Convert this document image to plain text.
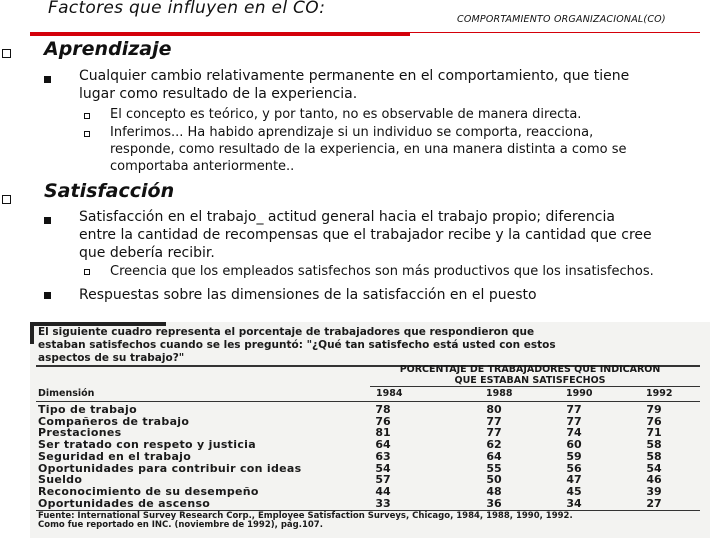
Factores que influyen en el CO:
COMPORTAMIENTO ORGANIZACIONAL(CO)
Aprendizaje
Cualquier cambio relativamente permanente en el comportamiento, que tiene
lugar como resultado de la experiencia.
El concepto es teórico, y por tanto, no es observable de manera directa.
Inferimos... Ha habido aprendizaje si un individuo se comporta, reacciona,
responde, como resultado de la experiencia, en una manera distinta a como se
comportaba anteriormente..
Satisfacción
Satisfacción en el trabajo_ actitud general hacia el trabajo propio; diferencia
entre la cantidad de recompensas que el trabajador recibe y la cantidad que cree
que debería recibir.
Creencia que los empleados satisfechos son más productivos que los insatisfechos.
Respuestas sobre las dimensiones de la satisfacción en el puesto
El siguiente cuadro representa el porcentaje de trabajadores que respondieron que
estaban satisfechos cuando se les preguntó: "¿Qué tan satisfecho está usted con estos
aspectos de su trabajo?"
PORCENTAJE DE TRABAJADORES QUE INDICARON
QUE ESTABAN SATISFECHOS
Dimensión	1984	1988	1990	1992
Tipo de trabajo	78	80	77	79
Compañeros de trabajo	76	77	77	76
Prestaciones	81	77	74	71
Ser tratado con respeto y justicia	64	62	60	58
Seguridad en el trabajo	63	64	59	58
Oportunidades para contribuir con ideas	54	55	56	54
Sueldo	57	50	47	46
Reconocimiento de su desempeño	44	48	45	39
Oportunidades de ascenso	33	36	34	27
Fuente: International Survey Research Corp., Employee Satisfaction Surveys, Chicago, 1984, 1988, 1990, 1992.
Como fue reportado en INC. (noviembre de 1992), pág.107.
